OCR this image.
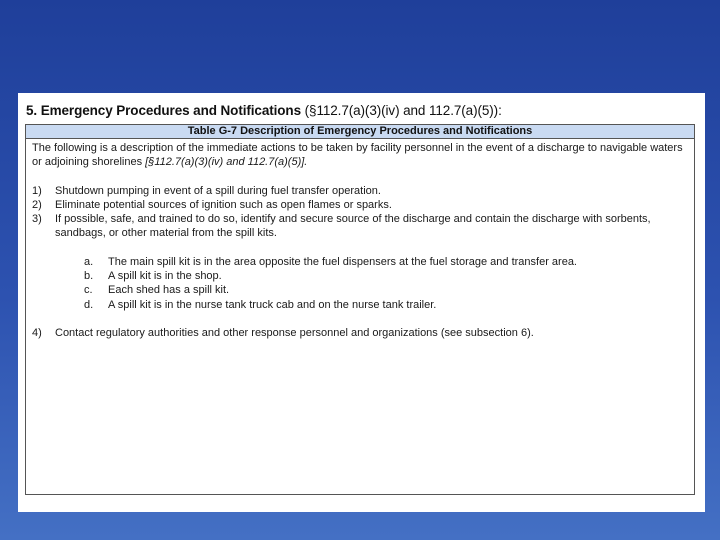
5. Emergency Procedures and Notifications (§112.7(a)(3)(iv) and 112.7(a)(5)):
Table G-7 Description of Emergency Procedures and Notifications

The following is a description of the immediate actions to be taken by facility personnel in the event of a discharge to navigable waters or adjoining shorelines [§112.7(a)(3)(iv) and 112.7(a)(5)].

1)	Shutdown pumping in event of a spill during fuel transfer operation.
2)	Eliminate potential sources of ignition such as open flames or sparks.
3)	If possible, safe, and trained to do so, identify and secure source of the discharge and contain the discharge with sorbents, sandbags, or other material from the spill kits.
a.	The main spill kit is in the area opposite the fuel dispensers at the fuel storage and transfer area.
b.	A spill kit is in the shop.
c.	Each shed has a spill kit.
d.	A spill kit is in the nurse tank truck cab and on the nurse tank trailer.
4)	Contact regulatory authorities and other response personnel and organizations (see subsection 6).
